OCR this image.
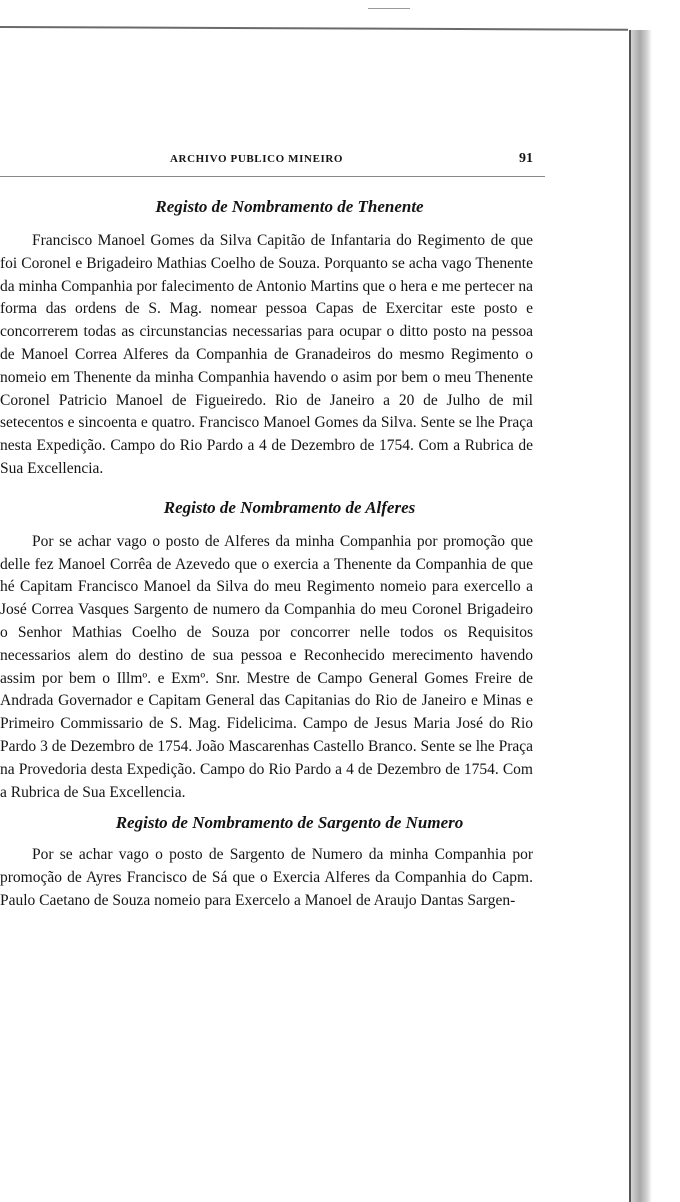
ARCHIVO PUBLICO MINEIRO	91
Registo de Nombramento de Thenente

Francisco Manoel Gomes da Silva Capitão de Infantaria do Regimento de que foi Coronel e Brigadeiro Mathias Coelho de Souza. Porquanto se acha vago Thenente da minha Companhia por falecimento de Antonio Martins que o hera e me pertecer na forma das ordens de S. Mag. nomear pessoa Capas de Exercitar este posto e concorrerem todas as circunstancias necessarias para ocupar o ditto posto na pessoa de Manoel Correa Alferes da Companhia de Granadeiros do mesmo Regimento o nomeio em Thenente da minha Companhia havendo o asim por bem o meu Thenente Coronel Patricio Manoel de Figueiredo. Rio de Janeiro a 20 de Julho de mil setecentos e sincoenta e quatro. Francisco Manoel Gomes da Silva. Sente se lhe Praça nesta Expedição. Campo do Rio Pardo a 4 de Dezembro de 1754. Com a Rubrica de Sua Excellencia.

Registo de Nombramento de Alferes

Por se achar vago o posto de Alferes da minha Companhia por promoção que delle fez Manoel Corrêa de Azevedo que o exercia a Thenente da Companhia de que hé Capitam Francisco Manoel da Silva do meu Regimento nomeio para exercello a José Correa Vasques Sargento de numero da Companhia do meu Coronel Brigadeiro o Senhor Mathias Coelho de Souza por concorrer nelle todos os Requisitos necessarios alem do destino de sua pessoa e Reconhecido merecimento havendo assim por bem o Illmº. e Exmº. Snr. Mestre de Campo General Gomes Freire de Andrada Governador e Capitam General das Capitanias do Rio de Janeiro e Minas e Primeiro Commissario de S. Mag. Fidelicima. Campo de Jesus Maria José do Rio Pardo 3 de Dezembro de 1754. João Mascarenhas Castello Branco. Sente se lhe Praça na Provedoria desta Expedição. Campo do Rio Pardo a 4 de Dezembro de 1754. Com a Rubrica de Sua Excellencia.

Registo de Nombramento de Sargento de Numero

Por se achar vago o posto de Sargento de Numero da minha Companhia por promoção de Ayres Francisco de Sá que o Exercia Alferes da Companhia do Capm. Paulo Caetano de Souza nomeio para Exercelo a Manoel de Araujo Dantas Sargen-
